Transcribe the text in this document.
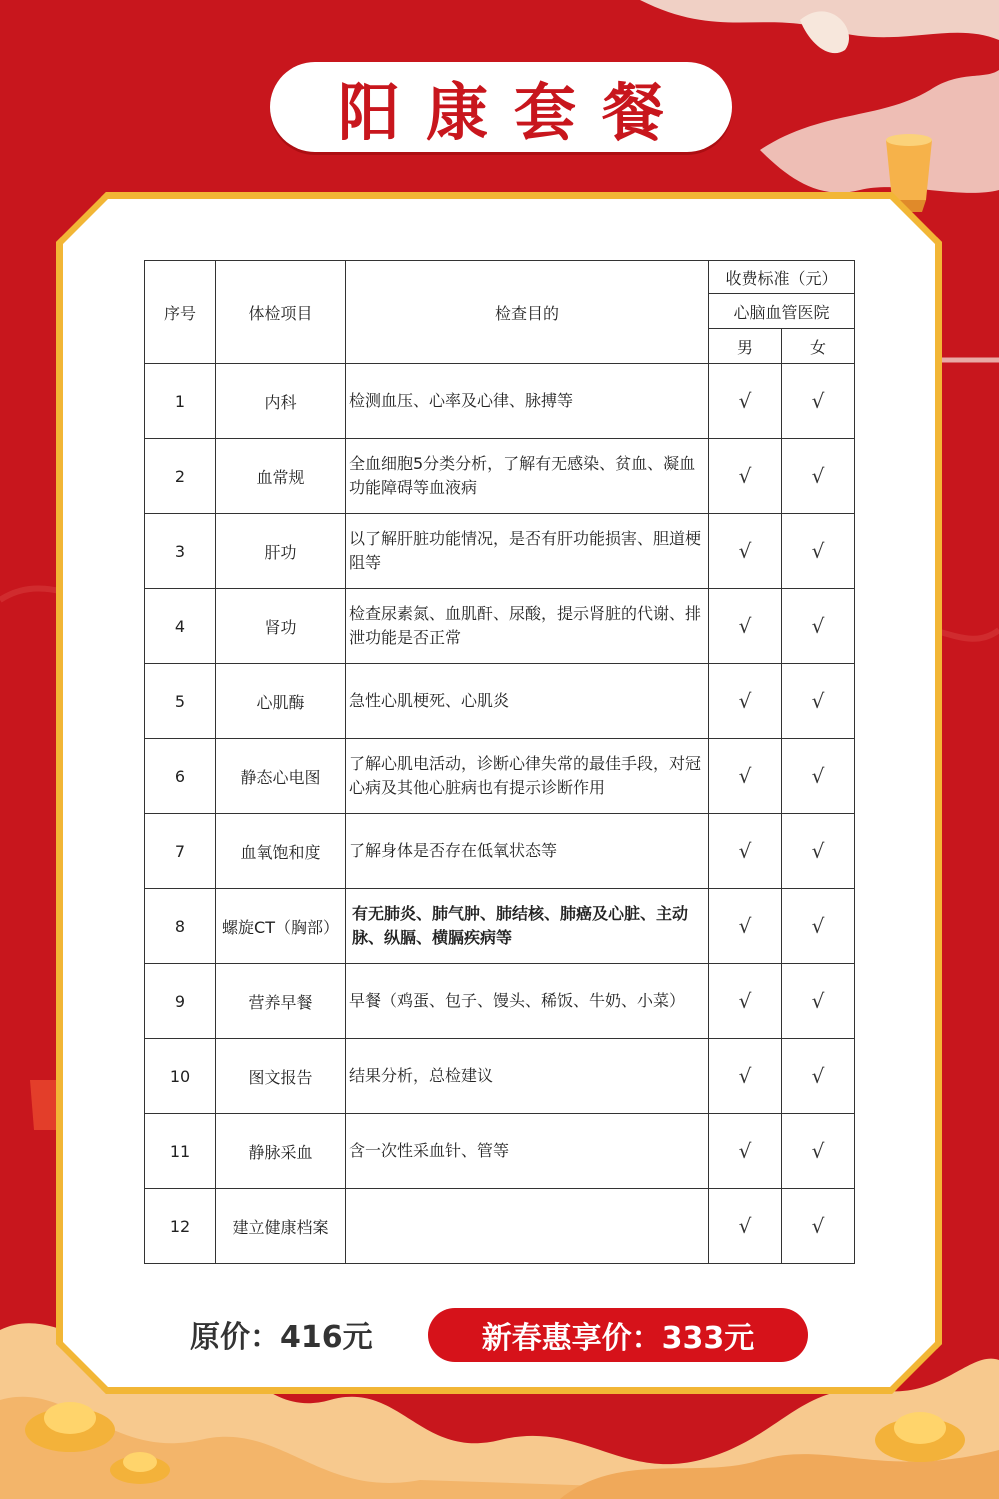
阳康套餐
序号	体检项目	检查目的	收费标准（元）	
			心脑血管医院	
			男	女
1	内科	检测血压、心率及心律、脉搏等	√	√
2	血常规	全血细胞5分类分析，了解有无感染、贫血、凝血功能障碍等血液病	√	√
3	肝功	以了解肝脏功能情况，是否有肝功能损害、胆道梗阻等	√	√
4	肾功	检查尿素氮、血肌酐、尿酸，提示肾脏的代谢、排泄功能是否正常	√	√
5	心肌酶	急性心肌梗死、心肌炎	√	√
6	静态心电图	了解心肌电活动，诊断心律失常的最佳手段，对冠心病及其他心脏病也有提示诊断作用	√	√
7	血氧饱和度	了解身体是否存在低氧状态等	√	√
8	螺旋CT（胸部）	有无肺炎、肺气肿、肺结核、肺癌及心脏、主动脉、纵膈、横膈疾病等	√	√
9	营养早餐	早餐（鸡蛋、包子、馒头、稀饭、牛奶、小菜）	√	√
10	图文报告	结果分析，总检建议	√	√
11	静脉采血	含一次性采血针、管等	√	√
12	建立健康档案		√	√
原价：416元	新春惠享价：333元
